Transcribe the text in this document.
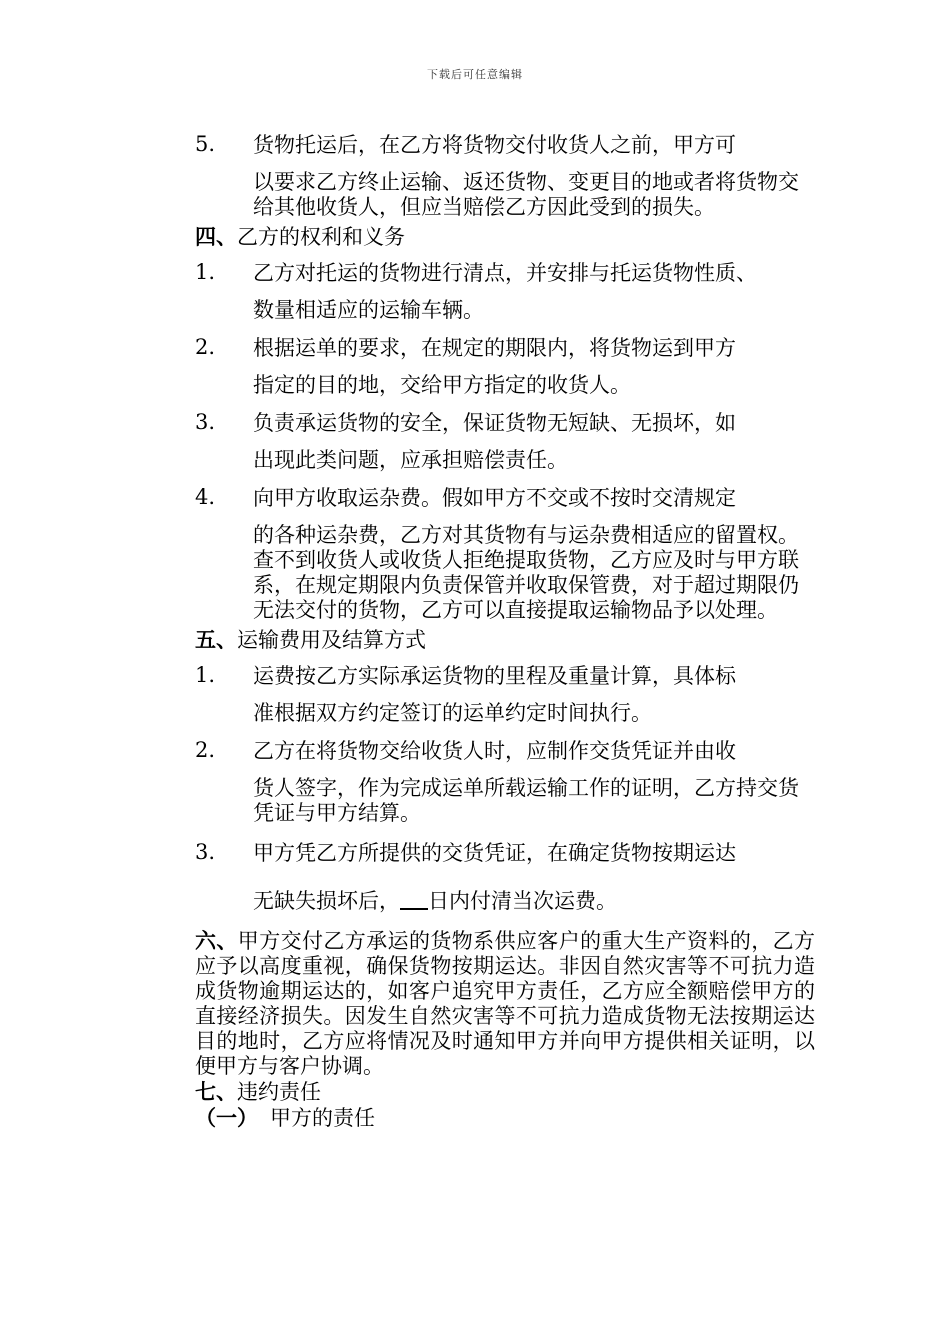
下载后可任意编辑
5.	货物托运后，在乙方将货物交付收货人之前，甲方可
以要求乙方终止运输、返还货物、变更目的地或者将货物交给其他收货人，但应当赔偿乙方因此受到的损失。
四、乙方的权利和义务
1.	乙方对托运的货物进行清点，并安排与托运货物性质、
数量相适应的运输车辆。
2.	根据运单的要求，在规定的期限内，将货物运到甲方
指定的目的地，交给甲方指定的收货人。
3.	负责承运货物的安全，保证货物无短缺、无损坏，如
出现此类问题，应承担赔偿责任。
4.	向甲方收取运杂费。假如甲方不交或不按时交清规定
的各种运杂费，乙方对其货物有与运杂费相适应的留置权。查不到收货人或收货人拒绝提取货物，乙方应及时与甲方联系，在规定期限内负责保管并收取保管费，对于超过期限仍无法交付的货物，乙方可以直接提取运输物品予以处理。
五、运输费用及结算方式
1.	运费按乙方实际承运货物的里程及重量计算，具体标
准根据双方约定签订的运单约定时间执行。
2.	乙方在将货物交给收货人时，应制作交货凭证并由收
货人签字，作为完成运单所载运输工作的证明，乙方持交货凭证与甲方结算。
3.	甲方凭乙方所提供的交货凭证，在确定货物按期运达
无缺失损坏后， 日内付清当次运费。
六、甲方交付乙方承运的货物系供应客户的重大生产资料的，乙方应予以高度重视，确保货物按期运达。非因自然灾害等不可抗力造成货物逾期运达的，如客户追究甲方责任，乙方应全额赔偿甲方的直接经济损失。因发生自然灾害等不可抗力造成货物无法按期运达目的地时，乙方应将情况及时通知甲方并向甲方提供相关证明，以便甲方与客户协调。
七、违约责任
（一） 甲方的责任
